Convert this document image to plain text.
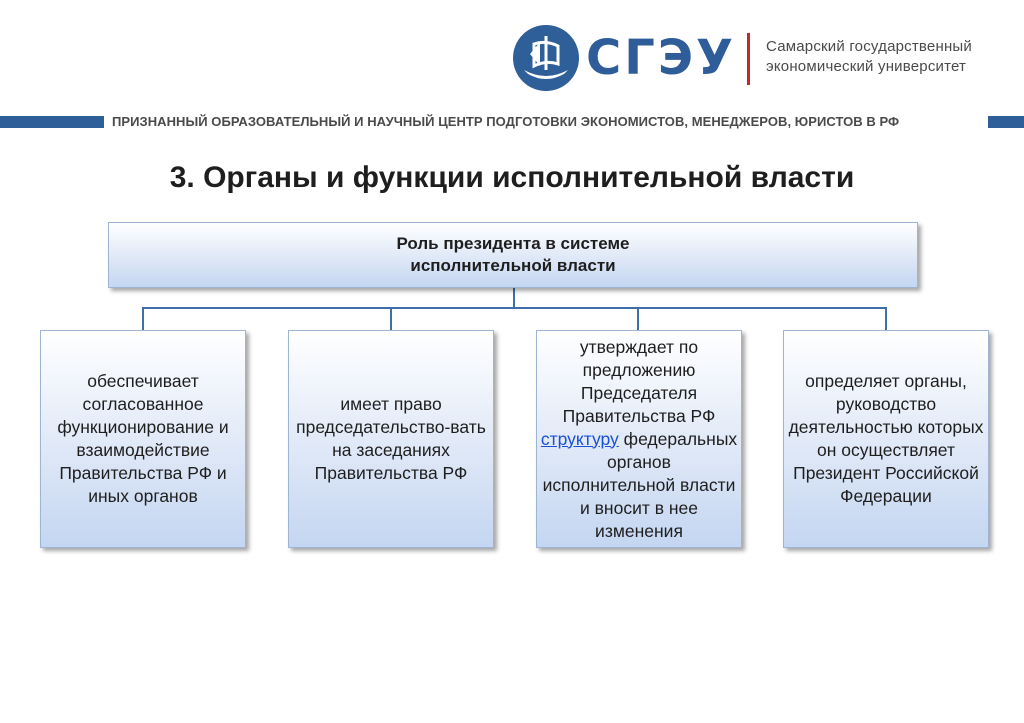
СГЭУ Самарский государственный
экономический университет
ПРИЗНАННЫЙ ОБРАЗОВАТЕЛЬНЫЙ И НАУЧНЫЙ ЦЕНТР ПОДГОТОВКИ ЭКОНОМИСТОВ, МЕНЕДЖЕРОВ, ЮРИСТОВ В РФ
3. Органы и функции исполнительной власти
Роль президента в системе
исполнительной власти
обеспечивает согласованное функционирование и взаимодействие Правительства РФ и иных органов
имеет право председательство-вать на заседаниях Правительства РФ
утверждает по предложению Председателя Правительства РФ структуру федеральных органов исполнительной власти и вносит в нее изменения
определяет органы, руководство деятельностью которых он осуществляет Президент Российской Федерации
